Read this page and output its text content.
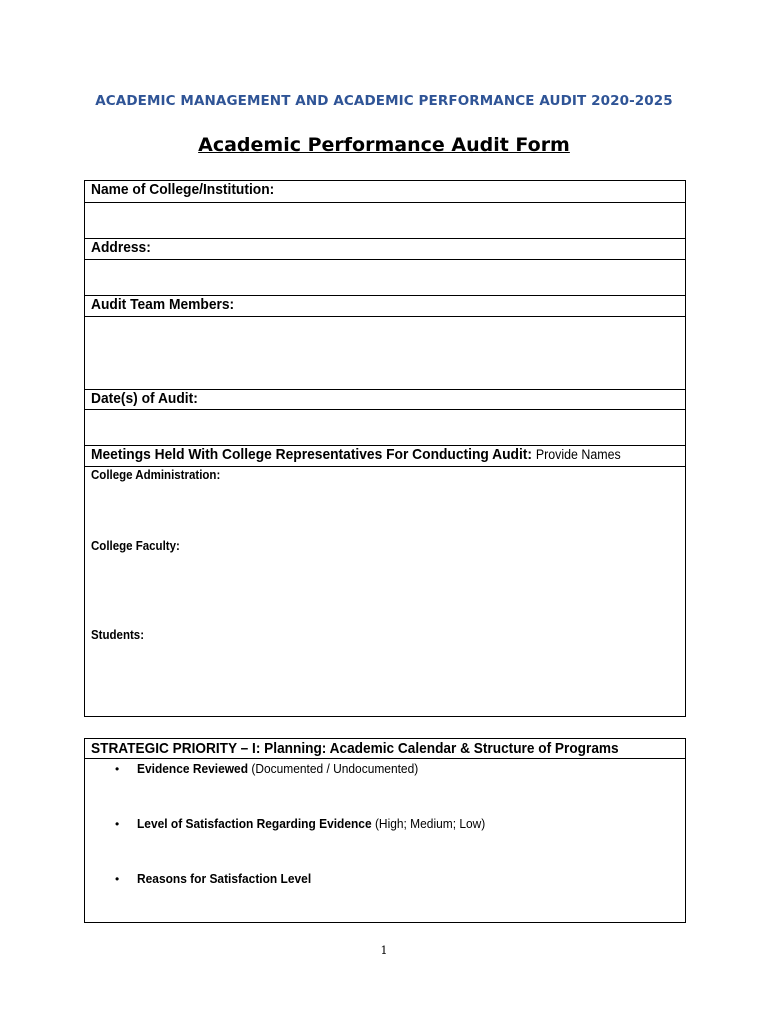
ACADEMIC MANAGEMENT AND ACADEMIC PERFORMANCE AUDIT 2020-2025
Academic Performance Audit Form
Name of College/Institution:

Address:

Audit Team Members:

Date(s) of Audit:

Meetings Held With College Representatives For Conducting Audit: Provide Names

College Administration:
College Faculty:
Students:
STRATEGIC PRIORITY – I: Planning: Academic Calendar & Structure of Programs
• Evidence Reviewed (Documented / Undocumented)
• Level of Satisfaction Regarding Evidence (High; Medium; Low)
• Reasons for Satisfaction Level
1
